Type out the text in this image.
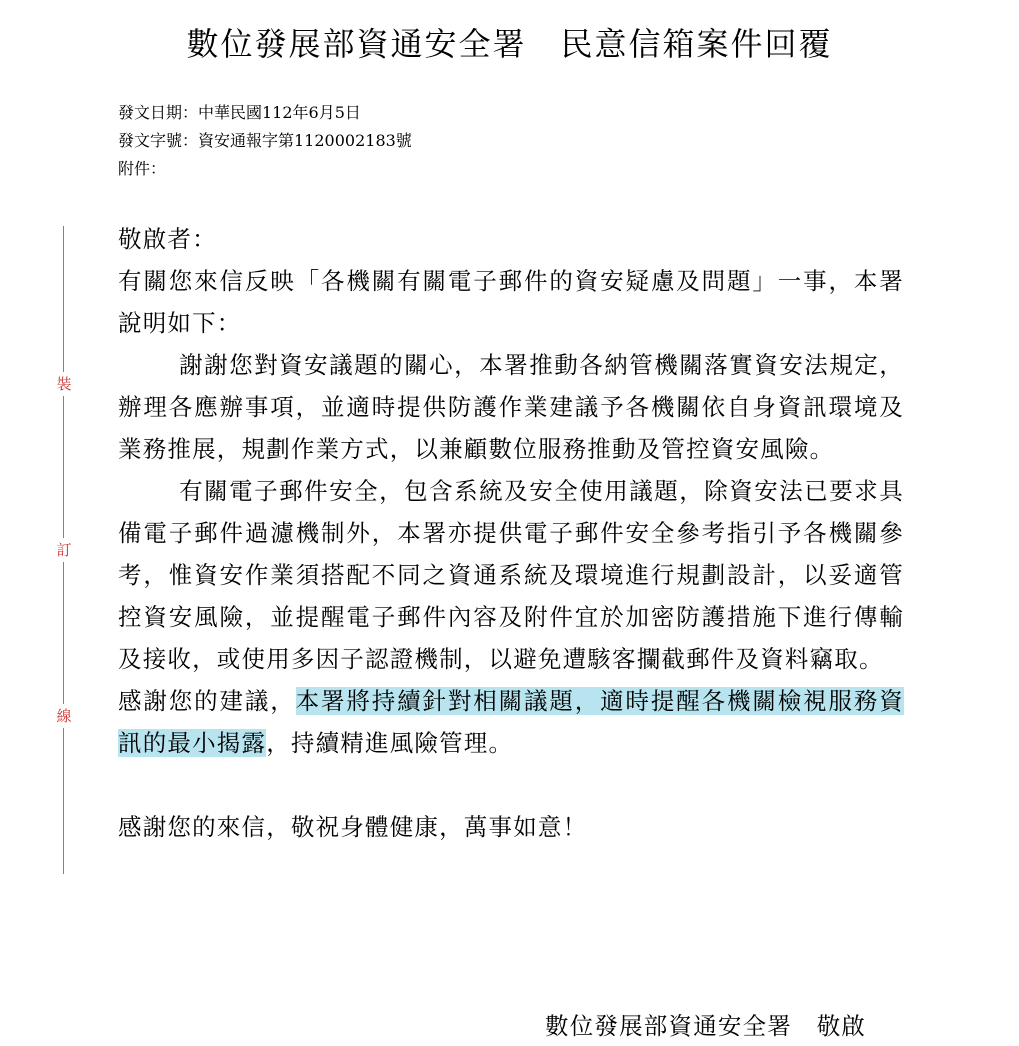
數位發展部資通安全署　民意信箱案件回覆
發文日期：中華民國112年6月5日
發文字號：資安通報字第1120002183號
附件：
裝
訂
線

敬啟者：

有關您來信反映「各機關有關電子郵件的資安疑慮及問題」一事，本署說明如下：

謝謝您對資安議題的關心，本署推動各納管機關落實資安法規定，辦理各應辦事項，並適時提供防護作業建議予各機關依自身資訊環境及業務推展，規劃作業方式，以兼顧數位服務推動及管控資安風險。

有關電子郵件安全，包含系統及安全使用議題，除資安法已要求具備電子郵件過濾機制外，本署亦提供電子郵件安全參考指引予各機關參考，惟資安作業須搭配不同之資通系統及環境進行規劃設計，以妥適管控資安風險，並提醒電子郵件內容及附件宜於加密防護措施下進行傳輸及接收，或使用多因子認證機制，以避免遭駭客攔截郵件及資料竊取。

感謝您的建議，本署將持續針對相關議題，適時提醒各機關檢視服務資訊的最小揭露，持續精進風險管理。

感謝您的來信，敬祝身體健康，萬事如意！

數位發展部資通安全署　敬啟
